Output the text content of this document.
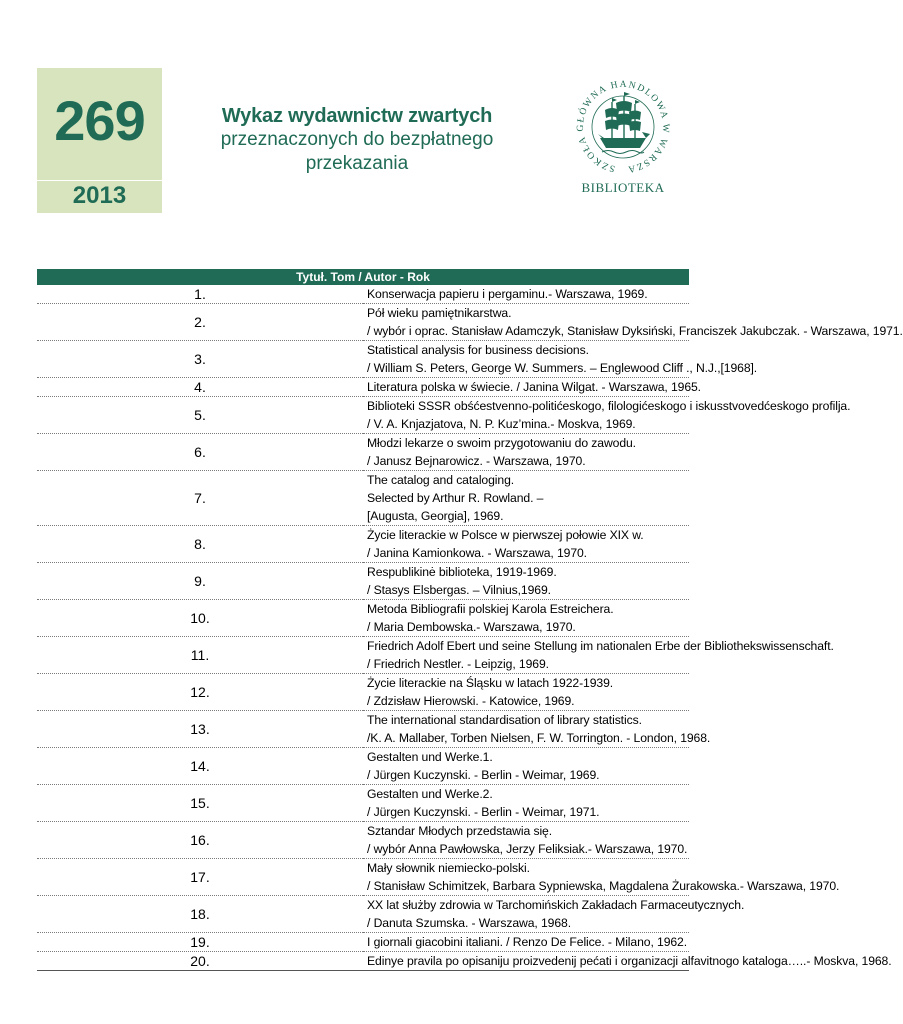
269
2013
Wykaz wydawnictw zwartych
przeznaczonych do bezpłatnego
przekazania	SZKOŁA GŁÓWNA HANDLOWA W WARSZA
BIBLIOTEKA
Tytuł. Tom / Autor - Rok	
1.	Konserwacja papieru i pergaminu.- Warszawa, 1969.

2.	Pół wieku pamiętnikarstwa.
/ wybór i oprac. Stanisław Adamczyk, Stanisław Dyksiński, Franciszek Jakubczak. - Warszawa, 1971.

3.	Statistical analysis for business decisions.
/ William S. Peters, George W. Summers. – Englewood Cliff ., N.J.,[1968].

4.	Literatura polska w świecie. / Janina Wilgat. - Warszawa, 1965.

5.	Biblioteki SSSR obśćestvenno-politićeskogo, filologićeskogo i iskusstvovedćeskogo profilja.
/ V. A. Knjazjatova, N. P. Kuz’mina.- Moskva, 1969.

6.	Młodzi lekarze o swoim przygotowaniu do zawodu.
/ Janusz Bejnarowicz. - Warszawa, 1970.

7.	The catalog and cataloging.
Selected by Arthur R. Rowland. –
[Augusta, Georgia], 1969.

8.	Życie literackie w Polsce w pierwszej połowie XIX w.
/ Janina Kamionkowa. - Warszawa, 1970.

9.	Respublikinė biblioteka, 1919-1969.
/ Stasys Elsbergas. – Vilnius,1969.

10.	Metoda Bibliografii polskiej Karola Estreichera.
/ Maria Dembowska.- Warszawa, 1970.

11.	Friedrich Adolf Ebert und seine Stellung im nationalen Erbe der Bibliothekswissenschaft.
/ Friedrich Nestler. - Leipzig, 1969.

12.	Życie literackie na Śląsku w latach 1922-1939.
/ Zdzisław Hierowski. - Katowice, 1969.

13.	The international standardisation of library statistics.
/K. A. Mallaber, Torben Nielsen, F. W. Torrington. - London, 1968.

14.	Gestalten und Werke.1.
/ Jürgen Kuczynski. - Berlin - Weimar, 1969.

15.	Gestalten und Werke.2.
/ Jürgen Kuczynski. - Berlin - Weimar, 1971.

16.	Sztandar Młodych przedstawia się.
/ wybór Anna Pawłowska, Jerzy Feliksiak.- Warszawa, 1970.

17.	Mały słownik niemiecko-polski.
/ Stanisław Schimitzek, Barbara Sypniewska, Magdalena Żurakowska.- Warszawa, 1970.

18.	XX lat służby zdrowia w Tarchomińskich Zakładach Farmaceutycznych.
/ Danuta Szumska. - Warszawa, 1968.

19.	I giornali giacobini italiani. / Renzo De Felice. - Milano, 1962.

20.	Edinye pravila po opisaniju proizvedenij pećati i organizacji alfavitnogo kataloga…..- Moskva, 1968.
